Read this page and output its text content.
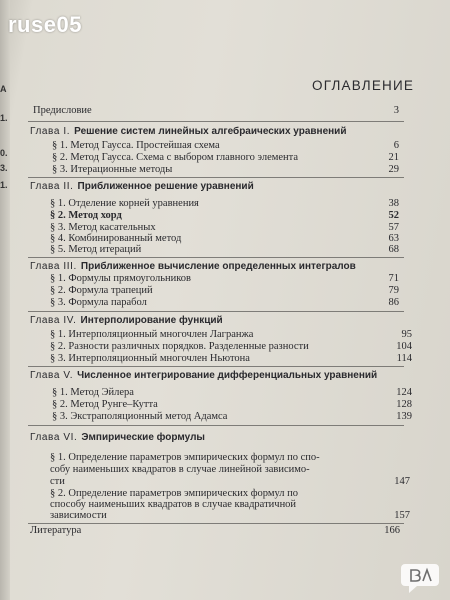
А
1.
0.
3.
1.
ruse05
ОГЛАВЛЕНИЕ
Предисловие	3
Глава I. Решение систем линейных алгебраических уравнений
§ 1. Метод Гаусса. Простейшая схема	6
§ 2. Метод Гаусса. Схема с выбором главного элемента	21
§ 3. Итерационные методы	29
Глава II. Приближенное решение уравнений
§ 1. Отделение корней уравнения	38
§ 2. Метод хорд	52
§ 3. Метод касательных	57
§ 4. Комбинированный метод	63
§ 5. Метод итераций	68
Глава III. Приближенное вычисление определенных интегралов
§ 1. Формулы прямоугольников	71
§ 2. Формула трапеций	79
§ 3. Формула парабол	86
Глава IV. Интерполирование функций
§ 1. Интерполяционный многочлен Лагранжа	95
§ 2. Разности различных порядков. Разделенные разности	104
§ 3. Интерполяционный многочлен Ньютона	114
Глава V. Численное интегрирование дифференциальных уравнений
§ 1. Метод Эйлера	124
§ 2. Метод Рунге–Кутта	128
§ 3. Экстраполяционный метод Адамса	139
Глава VI. Эмпирические формулы
§ 1. Определение параметров эмпирических формул по спо-
собу наименьших квадратов в случае линейной зависимо-
сти	147
§ 2. Определение параметров эмпирических формул по
способу наименьших квадратов в случае квадратичной
зависимости	157
Литература	166
